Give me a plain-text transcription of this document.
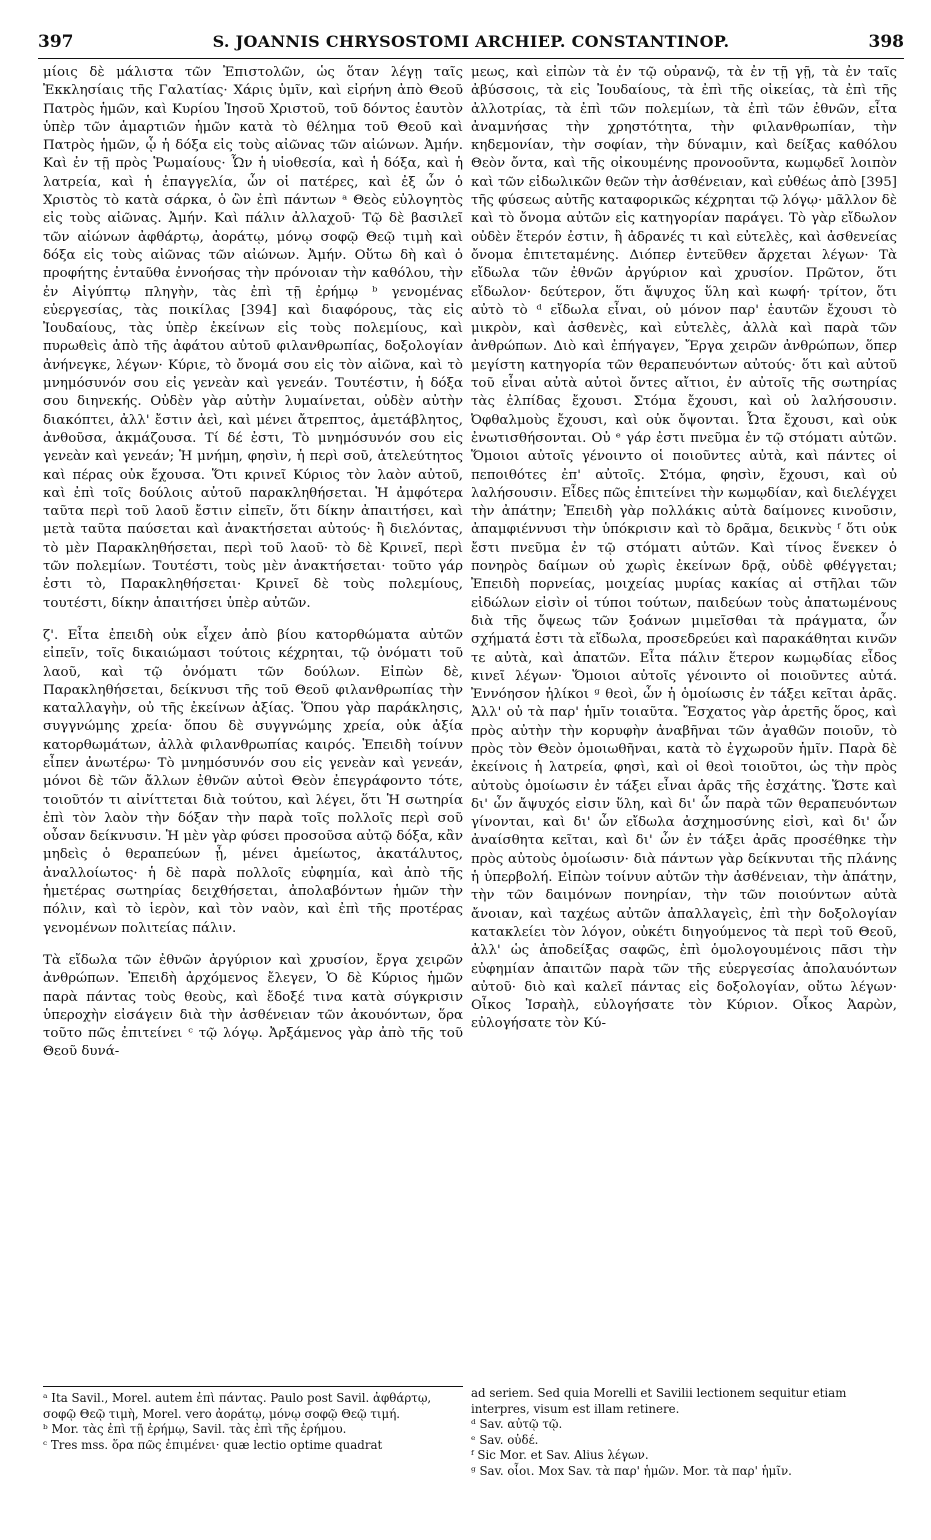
397	S. JOANNIS CHRYSOSTOMI ARCHIEP. CONSTANTINOP.	398

μίοις δὲ μάλιστα τῶν Ἐπιστολῶν, ὡς ὅταν λέγῃ ταῖς Ἐκκλησίαις τῆς Γαλατίας· Χάρις ὑμῖν, καὶ εἰρήνη ἀπὸ Θεοῦ Πατρὸς ἡμῶν, καὶ Κυρίου Ἰησοῦ Χριστοῦ, τοῦ δόντος ἑαυτὸν ὑπὲρ τῶν ἁμαρτιῶν ἡμῶν κατὰ τὸ θέλημα τοῦ Θεοῦ καὶ Πατρὸς ἡμῶν, ᾧ ἡ δόξα εἰς τοὺς αἰῶνας τῶν αἰώνων. Ἀμήν. Καὶ ἐν τῇ πρὸς Ῥωμαίους· Ὧν ἡ υἱοθεσία, καὶ ἡ δόξα, καὶ ἡ λατρεία, καὶ ἡ ἐπαγγελία, ὧν οἱ πατέρες, καὶ ἐξ ὧν ὁ Χριστὸς τὸ κατὰ σάρκα, ὁ ὢν ἐπὶ πάντων ᵃ Θεὸς εὐλογητὸς εἰς τοὺς αἰῶνας. Ἀμήν. Καὶ πάλιν ἀλλαχοῦ· Τῷ δὲ βασιλεῖ τῶν αἰώνων ἀφθάρτῳ, ἀοράτῳ, μόνῳ σοφῷ Θεῷ τιμὴ καὶ δόξα εἰς τοὺς αἰῶνας τῶν αἰώνων. Ἀμήν. Οὕτω δὴ καὶ ὁ προφήτης ἐνταῦθα ἐννοήσας τὴν πρόνοιαν τὴν καθόλου, τὴν ἐν Αἰγύπτῳ πληγὴν, τὰς ἐπὶ τῇ ἐρήμῳ ᵇ γενομένας εὐεργεσίας, τὰς ποικίλας [394] καὶ διαφόρους, τὰς εἰς Ἰουδαίους, τὰς ὑπὲρ ἐκείνων εἰς τοὺς πολεμίους, καὶ πυρωθεὶς ἀπὸ τῆς ἀφάτου αὐτοῦ φιλανθρωπίας, δοξολογίαν ἀνήνεγκε, λέγων· Κύριε, τὸ ὄνομά σου εἰς τὸν αἰῶνα, καὶ τὸ μνημόσυνόν σου εἰς γενεὰν καὶ γενεάν. Τουτέστιν, ἡ δόξα σου διηνεκής. Οὐδὲν γὰρ αὐτὴν λυμαίνεται, οὐδὲν αὐτὴν διακόπτει, ἀλλ' ἔστιν ἀεὶ, καὶ μένει ἄτρεπτος, ἀμετάβλητος, ἀνθοῦσα, ἀκμάζουσα. Τί δέ ἐστι, Τὸ μνημόσυνόν σου εἰς γενεὰν καὶ γενεάν; Ἡ μνήμη, φησὶν, ἡ περὶ σοῦ, ἀτελεύτητος καὶ πέρας οὐκ ἔχουσα. Ὅτι κρινεῖ Κύριος τὸν λαὸν αὐτοῦ, καὶ ἐπὶ τοῖς δούλοις αὐτοῦ παρακληθήσεται. Ἡ ἀμφότερα ταῦτα περὶ τοῦ λαοῦ ἔστιν εἰπεῖν, ὅτι δίκην ἀπαιτήσει, καὶ μετὰ ταῦτα παύσεται καὶ ἀνακτήσεται αὐτούς· ἢ διελόντας, τὸ μὲν Παρακληθήσεται, περὶ τοῦ λαοῦ· τὸ δὲ Κρινεῖ, περὶ τῶν πολεμίων. Τουτέστι, τοὺς μὲν ἀνακτήσεται· τοῦτο γάρ ἐστι τὸ, Παρακληθήσεται· Κρινεῖ δὲ τοὺς πολεμίους, τουτέστι, δίκην ἀπαιτήσει ὑπὲρ αὐτῶν.

ζ'. Εἶτα ἐπειδὴ οὐκ εἶχεν ἀπὸ βίου κατορθώματα αὐτῶν εἰπεῖν, τοῖς δικαιώμασι τούτοις κέχρηται, τῷ ὀνόματι τοῦ λαοῦ, καὶ τῷ ὀνόματι τῶν δούλων. Εἰπὼν δὲ, Παρακληθήσεται, δείκνυσι τῆς τοῦ Θεοῦ φιλανθρωπίας τὴν καταλλαγὴν, οὐ τῆς ἐκείνων ἀξίας. Ὅπου γὰρ παράκλησις, συγγνώμης χρεία· ὅπου δὲ συγγνώμης χρεία, οὐκ ἀξία κατορθωμάτων, ἀλλὰ φιλανθρωπίας καιρός. Ἐπειδὴ τοίνυν εἶπεν ἀνωτέρω· Τὸ μνημόσυνόν σου εἰς γενεὰν καὶ γενεάν, μόνοι δὲ τῶν ἄλλων ἐθνῶν αὐτοὶ Θεὸν ἐπεγράφοντο τότε, τοιοῦτόν τι αἰνίττεται διὰ τούτου, καὶ λέγει, ὅτι Ἡ σωτηρία ἐπὶ τὸν λαὸν τὴν δόξαν τὴν παρὰ τοῖς πολλοῖς περὶ σοῦ οὖσαν δείκνυσιν. Ἡ μὲν γὰρ φύσει προσοῦσα αὐτῷ δόξα, κἂν μηδεὶς ὁ θεραπεύων ᾖ, μένει ἀμείωτος, ἀκατάλυτος, ἀναλλοίωτος· ἡ δὲ παρὰ πολλοῖς εὐφημία, καὶ ἀπὸ τῆς ἡμετέρας σωτηρίας δειχθήσεται, ἀπολαβόντων ἡμῶν τὴν πόλιν, καὶ τὸ ἱερὸν, καὶ τὸν ναὸν, καὶ ἐπὶ τῆς προτέρας γενομένων πολιτείας πάλιν.

Τὰ εἴδωλα τῶν ἐθνῶν ἀργύριον καὶ χρυσίον, ἔργα χειρῶν ἀνθρώπων. Ἐπειδὴ ἀρχόμενος ἔλεγεν, Ὁ δὲ Κύριος ἡμῶν παρὰ πάντας τοὺς θεοὺς, καὶ ἔδοξέ τινα κατὰ σύγκρισιν ὑπεροχὴν εἰσάγειν διὰ τὴν ἀσθένειαν τῶν ἀκουόντων, ὅρα τοῦτο πῶς ἐπιτείνει ᶜ τῷ λόγῳ. Ἀρξάμενος γὰρ ἀπὸ τῆς τοῦ Θεοῦ δυνά-

μεως, καὶ εἰπὼν τὰ ἐν τῷ οὐρανῷ, τὰ ἐν τῇ γῇ, τὰ ἐν ταῖς ἀβύσσοις, τὰ εἰς Ἰουδαίους, τὰ ἐπὶ τῆς οἰκείας, τὰ ἐπὶ τῆς ἀλλοτρίας, τὰ ἐπὶ τῶν πολεμίων, τὰ ἐπὶ τῶν ἐθνῶν, εἶτα ἀναμνήσας τὴν χρηστότητα, τὴν φιλανθρωπίαν, τὴν κηδεμονίαν, τὴν σοφίαν, τὴν δύναμιν, καὶ δείξας καθόλου Θεὸν ὄντα, καὶ τῆς οἰκουμένης προνοοῦντα, κωμῳδεῖ λοιπὸν καὶ τῶν εἰδωλικῶν θεῶν τὴν ἀσθένειαν, καὶ εὐθέως ἀπὸ [395] τῆς φύσεως αὐτῆς καταφορικῶς κέχρηται τῷ λόγῳ· μᾶλλον δὲ καὶ τὸ ὄνομα αὐτῶν εἰς κατηγορίαν παράγει. Τὸ γὰρ εἴδωλον οὐδὲν ἕτερόν ἐστιν, ἢ ἀδρανές τι καὶ εὐτελὲς, καὶ ἀσθενείας ὄνομα ἐπιτεταμένης. Διόπερ ἐντεῦθεν ἄρχεται λέγων· Τὰ εἴδωλα τῶν ἐθνῶν ἀργύριον καὶ χρυσίον. Πρῶτον, ὅτι εἴδωλον· δεύτερον, ὅτι ἄψυχος ὕλη καὶ κωφή· τρίτον, ὅτι αὐτὸ τὸ ᵈ εἴδωλα εἶναι, οὐ μόνον παρ' ἑαυτῶν ἔχουσι τὸ μικρὸν, καὶ ἀσθενὲς, καὶ εὐτελὲς, ἀλλὰ καὶ παρὰ τῶν ἀνθρώπων. Διὸ καὶ ἐπήγαγεν, Ἔργα χειρῶν ἀνθρώπων, ὅπερ μεγίστη κατηγορία τῶν θεραπευόντων αὐτούς· ὅτι καὶ αὐτοῦ τοῦ εἶναι αὐτὰ αὐτοὶ ὄντες αἴτιοι, ἐν αὐτοῖς τῆς σωτηρίας τὰς ἐλπίδας ἔχουσι. Στόμα ἔχουσι, καὶ οὐ λαλήσουσιν. Ὀφθαλμοὺς ἔχουσι, καὶ οὐκ ὄψονται. Ὦτα ἔχουσι, καὶ οὐκ ἐνωτισθήσονται. Οὐ ᵉ γάρ ἐστι πνεῦμα ἐν τῷ στόματι αὐτῶν. Ὅμοιοι αὐτοῖς γένοιντο οἱ ποιοῦντες αὐτὰ, καὶ πάντες οἱ πεποιθότες ἐπ' αὐτοῖς. Στόμα, φησὶν, ἔχουσι, καὶ οὐ λαλήσουσιν. Εἶδες πῶς ἐπιτείνει τὴν κωμῳδίαν, καὶ διελέγχει τὴν ἀπάτην; Ἐπειδὴ γὰρ πολλάκις αὐτὰ δαίμονες κινοῦσιν, ἀπαμφιέννυσι τὴν ὑπόκρισιν καὶ τὸ δρᾶμα, δεικνὺς ᶠ ὅτι οὐκ ἔστι πνεῦμα ἐν τῷ στόματι αὐτῶν. Καὶ τίνος ἕνεκεν ὁ πονηρὸς δαίμων οὐ χωρὶς ἐκείνων δρᾷ, οὐδὲ φθέγγεται; Ἐπειδὴ πορνείας, μοιχείας μυρίας κακίας αἱ στῆλαι τῶν εἰδώλων εἰσὶν οἱ τύποι τούτων, παιδεύων τοὺς ἀπατωμένους διὰ τῆς ὄψεως τῶν ξοάνων μιμεῖσθαι τὰ πράγματα, ὧν σχήματά ἐστι τὰ εἴδωλα, προσεδρεύει καὶ παρακάθηται κινῶν τε αὐτὰ, καὶ ἀπατῶν. Εἶτα πάλιν ἕτερον κωμῳδίας εἶδος κινεῖ λέγων· Ὅμοιοι αὐτοῖς γένοιντο οἱ ποιοῦντες αὐτά. Ἐννόησον ἡλίκοι ᵍ θεοὶ, ὧν ἡ ὁμοίωσις ἐν τάξει κεῖται ἀρᾶς. Ἀλλ' οὐ τὰ παρ' ἡμῖν τοιαῦτα. Ἔσχατος γὰρ ἀρετῆς ὅρος, καὶ πρὸς αὐτὴν τὴν κορυφὴν ἀναβῆναι τῶν ἀγαθῶν ποιοῦν, τὸ πρὸς τὸν Θεὸν ὁμοιωθῆναι, κατὰ τὸ ἐγχωροῦν ἡμῖν. Παρὰ δὲ ἐκείνοις ἡ λατρεία, φησὶ, καὶ οἱ θεοὶ τοιοῦτοι, ὡς τὴν πρὸς αὐτοὺς ὁμοίωσιν ἐν τάξει εἶναι ἀρᾶς τῆς ἐσχάτης. Ὥστε καὶ δι' ὧν ἄψυχός εἰσιν ὕλη, καὶ δι' ὧν παρὰ τῶν θεραπευόντων γίνονται, καὶ δι' ὧν εἴδωλα ἀσχημοσύνης εἰσὶ, καὶ δι' ὧν ἀναίσθητα κεῖται, καὶ δι' ὧν ἐν τάξει ἀρᾶς προσέθηκε τὴν πρὸς αὐτοὺς ὁμοίωσιν· διὰ πάντων γὰρ δείκνυται τῆς πλάνης ἡ ὑπερβολή. Εἰπὼν τοίνυν αὐτῶν τὴν ἀσθένειαν, τὴν ἀπάτην, τὴν τῶν δαιμόνων πονηρίαν, τὴν τῶν ποιούντων αὐτὰ ἄνοιαν, καὶ ταχέως αὐτῶν ἀπαλλαγεὶς, ἐπὶ τὴν δοξολογίαν κατακλείει τὸν λόγον, οὐκέτι διηγούμενος τὰ περὶ τοῦ Θεοῦ, ἀλλ' ὡς ἀποδείξας σαφῶς, ἐπὶ ὁμολογουμένοις πᾶσι τὴν εὐφημίαν ἀπαιτῶν παρὰ τῶν τῆς εὐεργεσίας ἀπολαυόντων αὐτοῦ· διὸ καὶ καλεῖ πάντας εἰς δοξολογίαν, οὕτω λέγων· Οἶκος Ἰσραὴλ, εὐλογήσατε τὸν Κύριον. Οἶκος Ἀαρὼν, εὐλογήσατε τὸν Κύ-

ᵃ Ita Savil., Morel. autem ἐπὶ πάντας. Paulo post Savil. ἀφθάρτῳ, σοφῷ Θεῷ τιμὴ, Morel. vero ἀοράτῳ, μόνῳ σοφῷ Θεῷ τιμή.

ᵇ Mor. τὰς ἐπὶ τῇ ἐρήμῳ, Savil. τὰς ἐπὶ τῆς ἐρήμου.

ᶜ Tres mss. ὅρα πῶς ἐπιμένει· quæ lectio optime quadrat

ad seriem. Sed quia Morelli et Savilii lectionem sequitur etiam interpres, visum est illam retinere.

ᵈ Sav. αὐτῷ τῷ.

ᵉ Sav. οὐδέ.

ᶠ Sic Mor. et Sav. Alius λέγων.

ᵍ Sav. οἷοι. Mox Sav. τὰ παρ' ἡμῶν. Mor. τὰ παρ' ἡμῖν.
